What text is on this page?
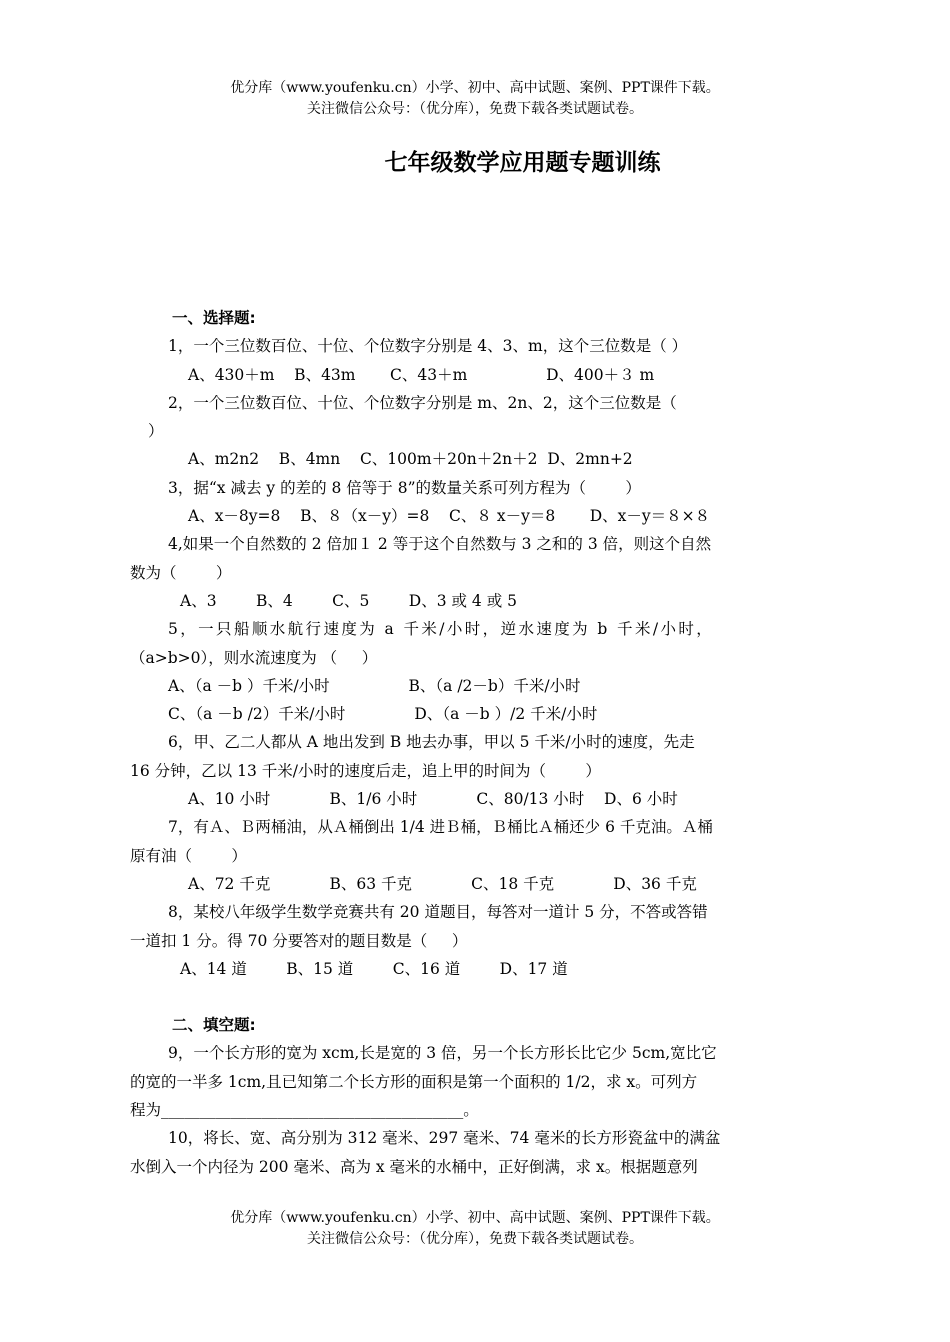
优分库（www.youfenku.cn）小学、初中、高中试题、案例、PPT课件下载。
关注微信公众号：（优分库），免费下载各类试题试卷。
七年级数学应用题专题训练
一、选择题:
1，一个三位数百位、十位、个位数字分别是 4、3、m，这个三位数是（ ）
A、430＋m    B、43m       C、43＋m                D、400＋３ m
2，一个三位数百位、十位、个位数字分别是 m、2n、2，这个三位数是（
）
A、m2n2    B、4mn    C、100m＋20n＋2n＋2  D、2mn+2
3，据“x 减去 y 的差的 8 倍等于 8”的数量关系可列方程为（        ）
A、x－8y=8    B、８（x－y）=8    C、８ x－y＝8       D、x－y＝８×８
4,如果一个自然数的 2 倍加１ 2 等于这个自然数与 3 之和的 3 倍，则这个自然
数为（        ）
A、3        B、4        C、5        D、3 或 4 或 5
5，一只船顺水航行速度为 a 千米/小时，逆水速度为 b 千米/小时，
（a>b>0），则水流速度为 （     ）
A、（a －b ）千米/小时                B、（a /2－b）千米/小时
C、（a －b /2）千米/小时              D、（a －b ）/2 千米/小时
6，甲、乙二人都从 A 地出发到 B 地去办事，甲以 5 千米/小时的速度，先走
16 分钟，乙以 13 千米/小时的速度后走，追上甲的时间为（        ）
A、10 小时            B、1/6 小时            C、80/13 小时    D、6 小时
7，有Ａ、Ｂ两桶油，从Ａ桶倒出 1/4 进Ｂ桶，Ｂ桶比Ａ桶还少 6 千克油。Ａ桶
原有油（        ）
A、72 千克            B、63 千克            C、18 千克            D、36 千克
8，某校八年级学生数学竞赛共有 20 道题目，每答对一道计 5 分，不答或答错
一道扣 1 分。得 70 分要答对的题目数是（     ）
A、14 道        B、15 道        C、16 道        D、17 道
二、填空题:
9，一个长方形的宽为 xcm,长是宽的 3 倍，另一个长方形长比它少 5cm,宽比它
的宽的一半多 1cm,且已知第二个长方形的面积是第一个面积的 1/2，求 x。可列方
程为_______________________________________。
10，将长、宽、高分别为 312 毫米、297 毫米、74 毫米的长方形瓷盆中的满盆
水倒入一个内径为 200 毫米、高为 x 毫米的水桶中，正好倒满，求 x。根据题意列
优分库（www.youfenku.cn）小学、初中、高中试题、案例、PPT课件下载。
关注微信公众号：（优分库），免费下载各类试题试卷。
